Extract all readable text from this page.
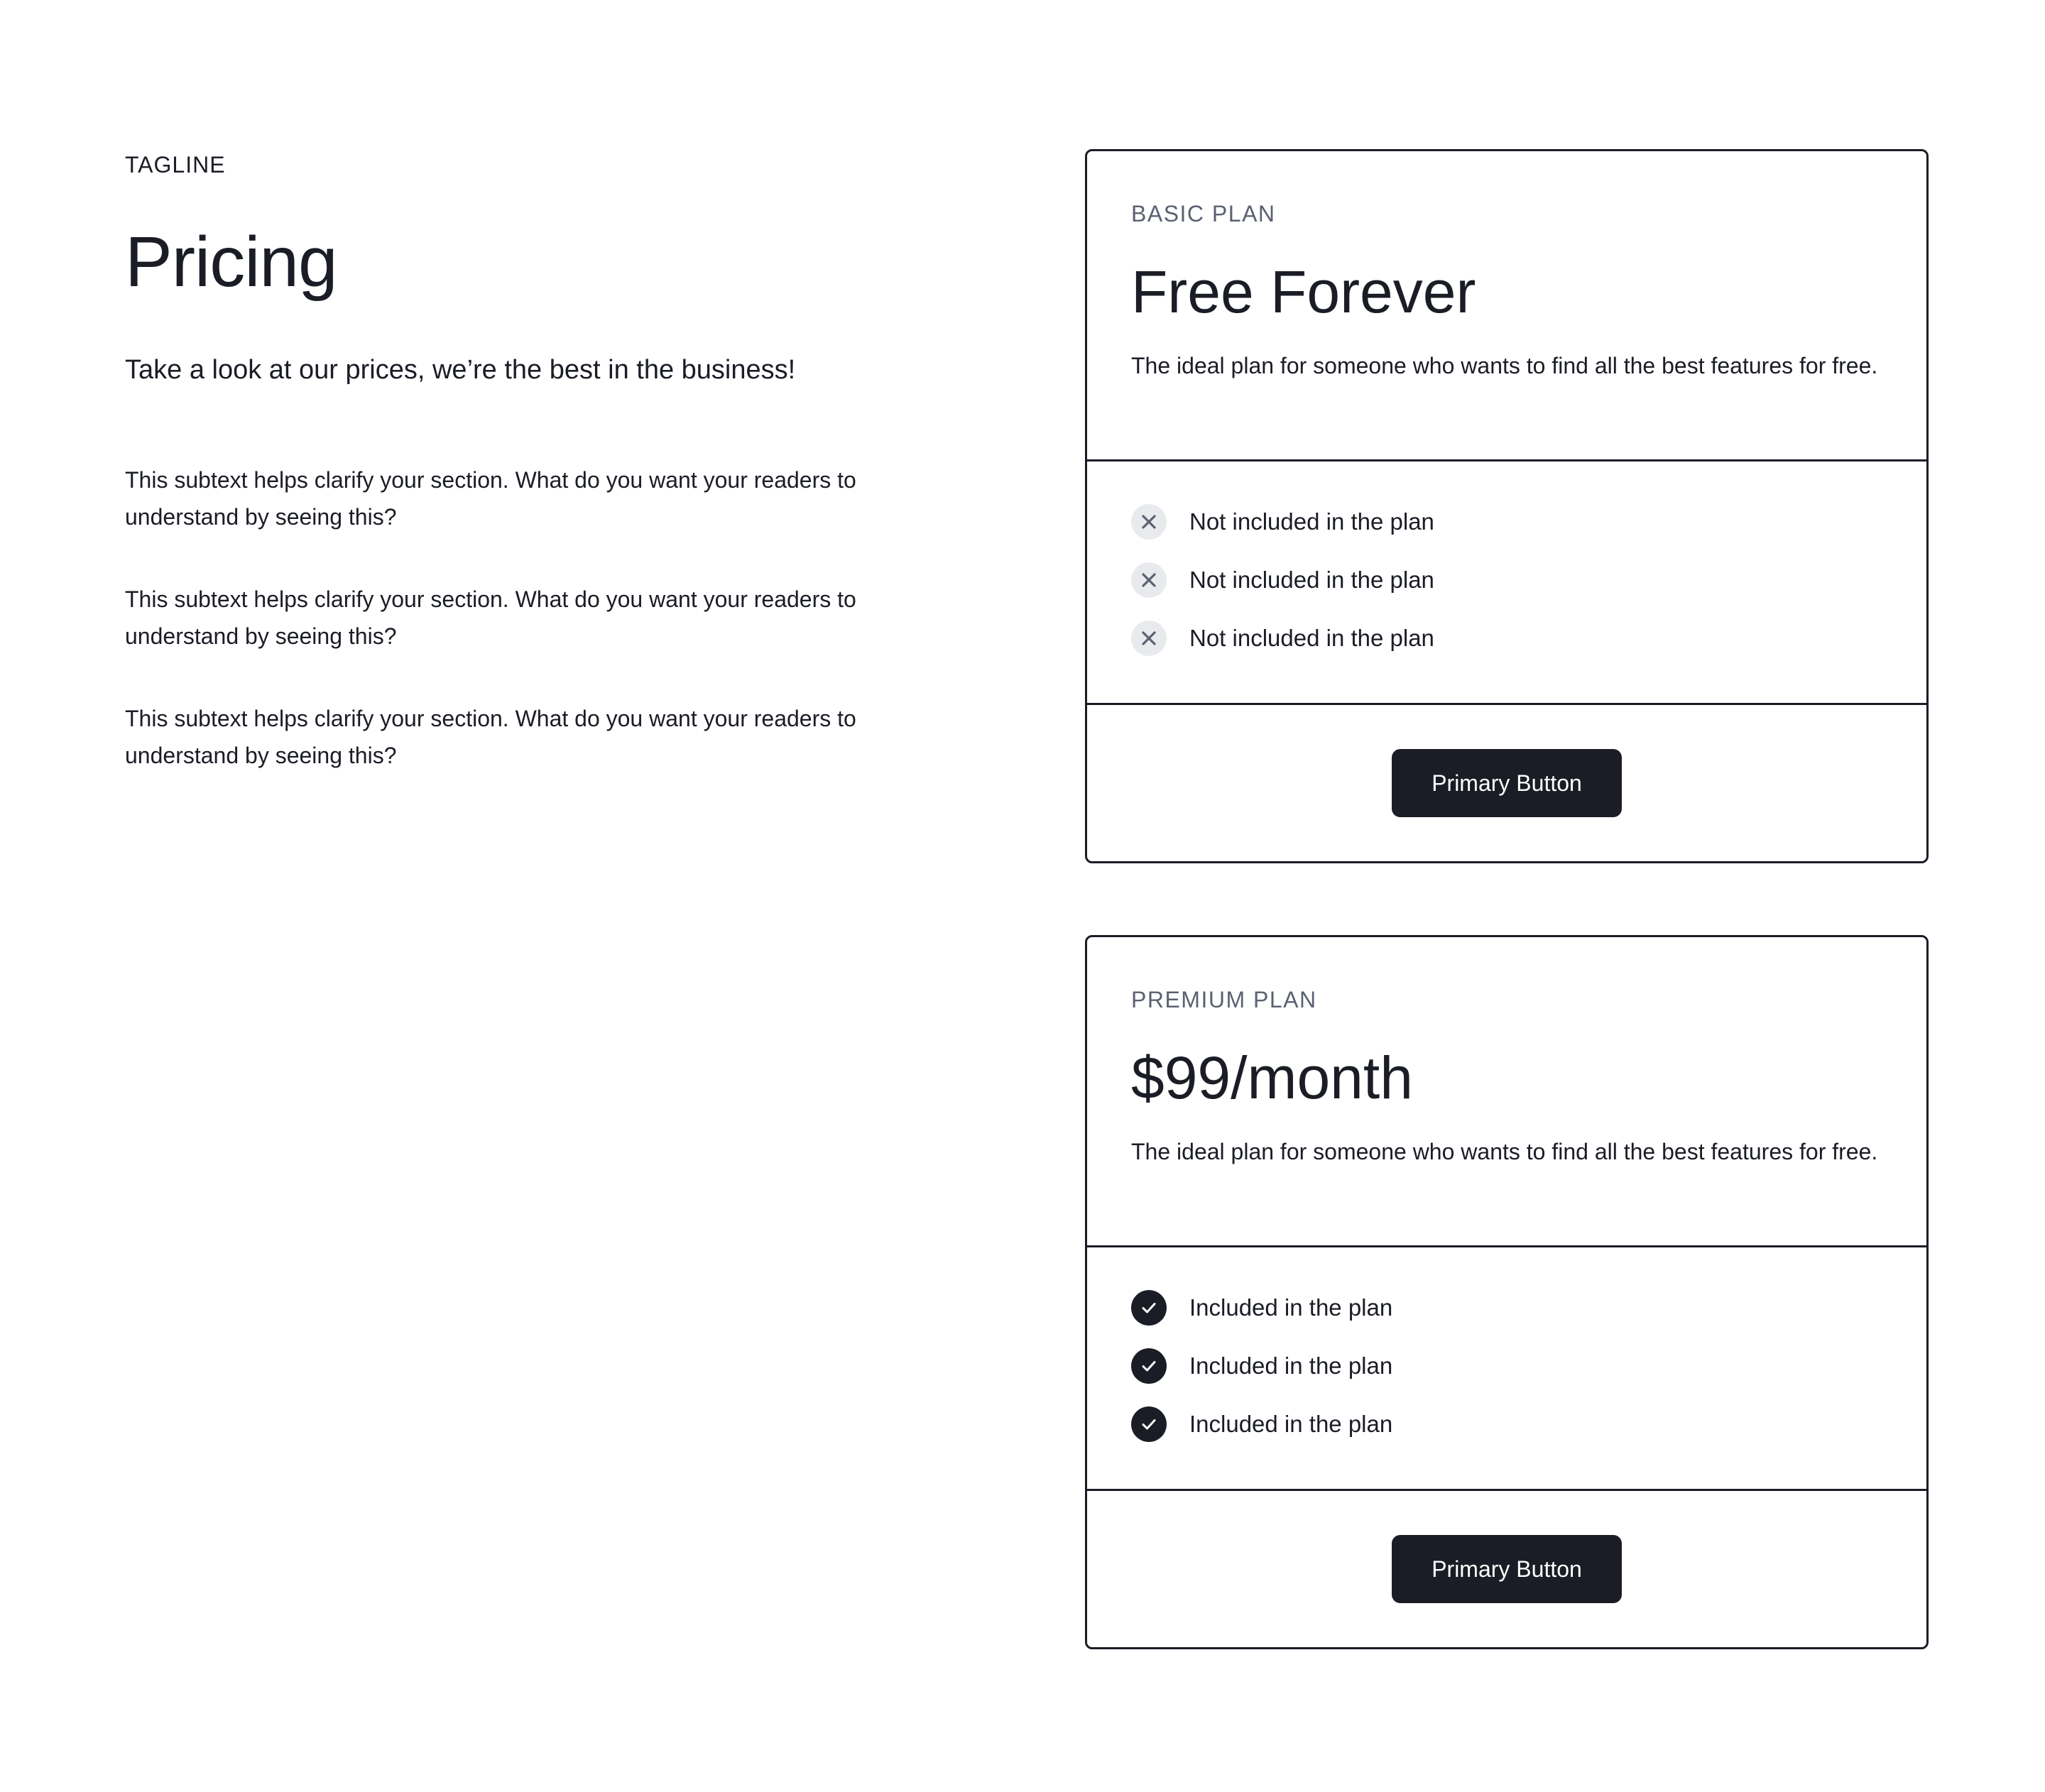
TAGLINE
Pricing
Take a look at our prices, we’re the best in the business!
This subtext helps clarify your section. What do you want your readers to understand by seeing this?
This subtext helps clarify your section. What do you want your readers to understand by seeing this?
This subtext helps clarify your section. What do you want your readers to understand by seeing this?
BASIC PLAN
Free Forever
The ideal plan for someone who wants to find all the best features for free.
Not included in the plan
Not included in the plan
Not included in the plan
Primary Button
PREMIUM PLAN
$99/month
The ideal plan for someone who wants to find all the best features for free.
Included in the plan
Included in the plan
Included in the plan
Primary Button
